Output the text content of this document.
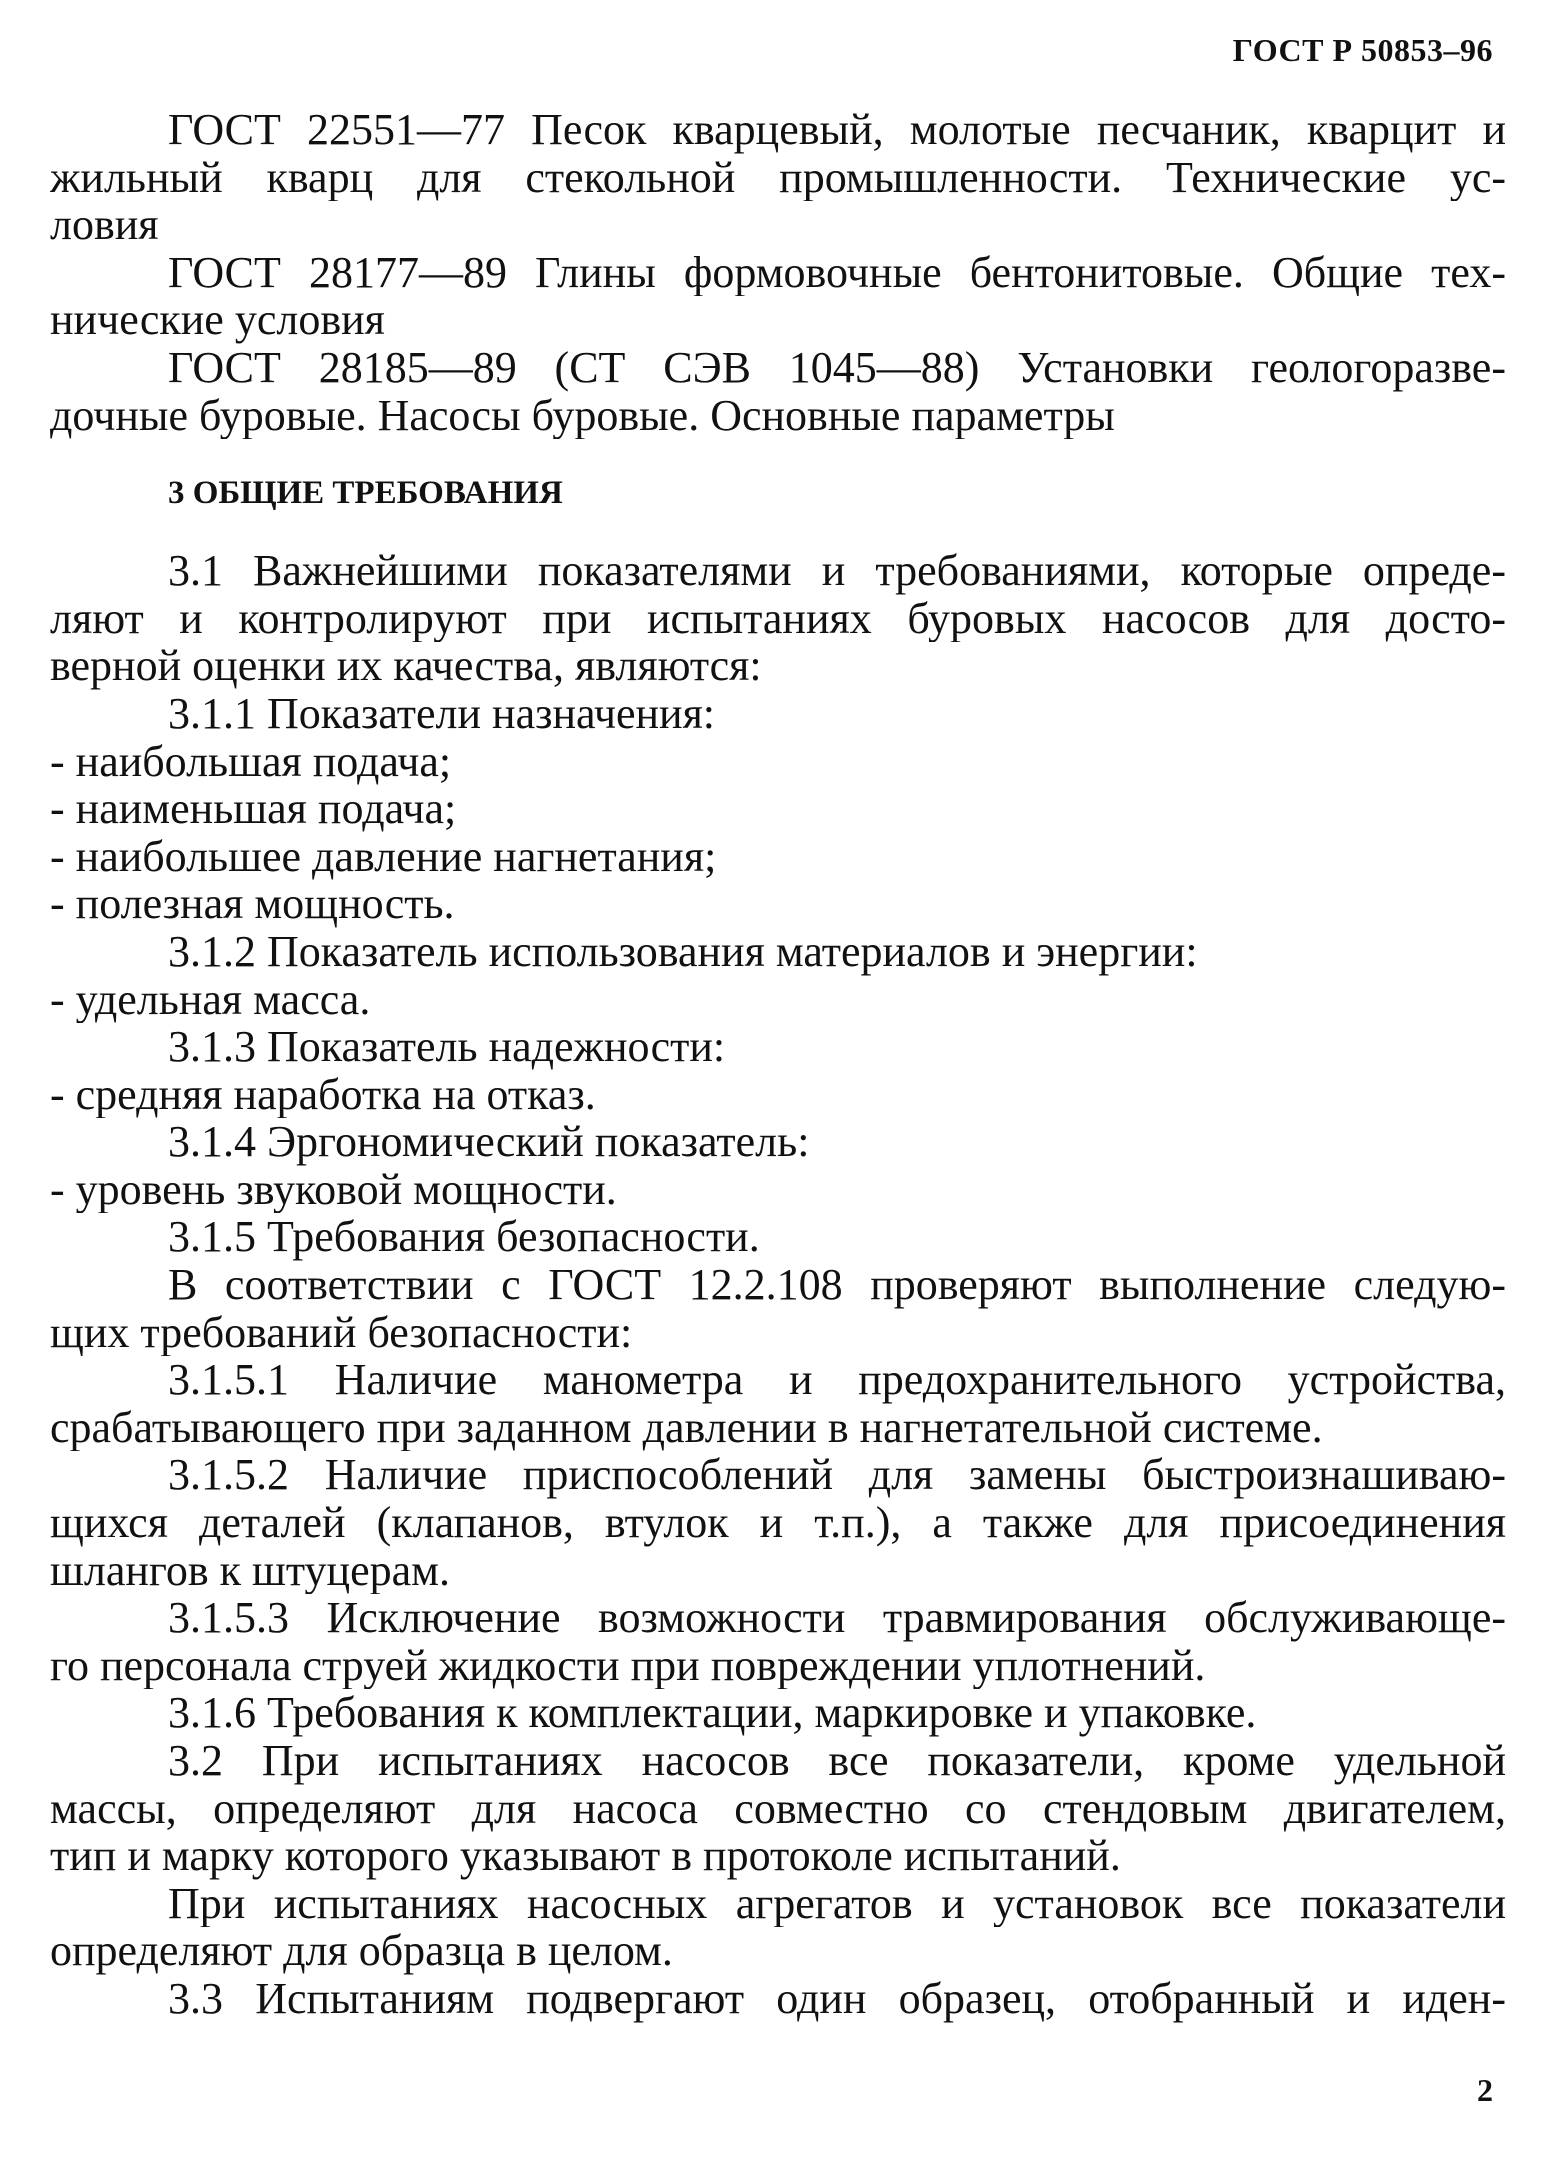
ГОСТ Р 50853–96
ГОСТ 22551—77 Песок кварцевый, молотые песчаник, кварцит и
жильный кварц для стекольной промышленности. Технические ус-
ловия
ГОСТ 28177—89 Глины формовочные бентонитовые. Общие тех-
нические условия
ГОСТ 28185—89 (СТ СЭВ 1045—88) Установки геологоразве-
дочные буровые. Насосы буровые. Основные параметры
3 ОБЩИЕ ТРЕБОВАНИЯ
3.1 Важнейшими показателями и требованиями, которые опреде-
ляют и контролируют при испытаниях буровых насосов для досто-
верной оценки их качества, являются:
3.1.1 Показатели назначения:
- наибольшая подача;
- наименьшая подача;
- наибольшее давление нагнетания;
- полезная мощность.
3.1.2 Показатель использования материалов и энергии:
- удельная масса.
3.1.3 Показатель надежности:
- средняя наработка на отказ.
3.1.4 Эргономический показатель:
- уровень звуковой мощности.
3.1.5 Требования безопасности.
В соответствии с ГОСТ 12.2.108 проверяют выполнение следую-
щих требований безопасности:
3.1.5.1 Наличие манометра и предохранительного устройства,
срабатывающего при заданном давлении в нагнетательной системе.
3.1.5.2 Наличие приспособлений для замены быстроизнашиваю-
щихся деталей (клапанов, втулок и т.п.), а также для присоединения
шлангов к штуцерам.
3.1.5.3 Исключение возможности травмирования обслуживающе-
го персонала струей жидкости при повреждении уплотнений.
3.1.6 Требования к комплектации, маркировке и упаковке.
3.2 При испытаниях насосов все показатели, кроме удельной
массы, определяют для насоса совместно со стендовым двигателем,
тип и марку которого указывают в протоколе испытаний.
При испытаниях насосных агрегатов и установок все показатели
определяют для образца в целом.
3.3 Испытаниям подвергают один образец, отобранный и иден-
2
